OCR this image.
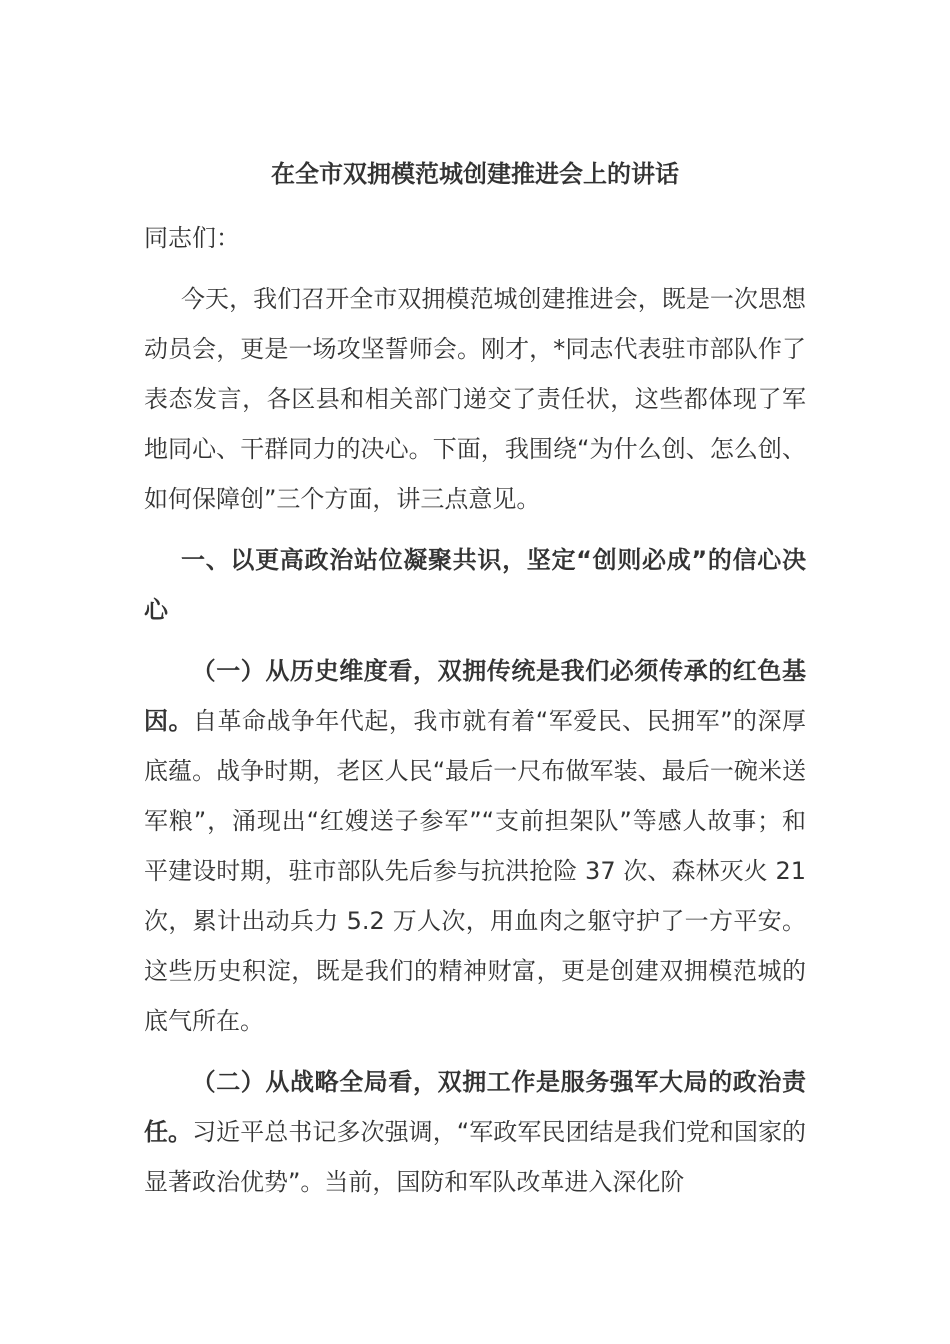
在全市双拥模范城创建推进会上的讲话
同志们：
今天，我们召开全市双拥模范城创建推进会，既是一次思想动员会，更是一场攻坚誓师会。刚才，*同志代表驻市部队作了表态发言，各区县和相关部门递交了责任状，这些都体现了军地同心、干群同力的决心。下面，我围绕“为什么创、怎么创、如何保障创”三个方面，讲三点意见。
一、以更高政治站位凝聚共识，坚定“创则必成”的信心决心
（一）从历史维度看，双拥传统是我们必须传承的红色基因。自革命战争年代起，我市就有着“军爱民、民拥军”的深厚底蕴。战争时期，老区人民“最后一尺布做军装、最后一碗米送军粮”，涌现出“红嫂送子参军”“支前担架队”等感人故事；和平建设时期，驻市部队先后参与抗洪抢险 37 次、森林灭火 21 次，累计出动兵力 5.2 万人次，用血肉之躯守护了一方平安。这些历史积淀，既是我们的精神财富，更是创建双拥模范城的底气所在。
（二）从战略全局看，双拥工作是服务强军大局的政治责任。习近平总书记多次强调，“军政军民团结是我们党和国家的显著政治优势”。当前，国防和军队改革进入深化阶
